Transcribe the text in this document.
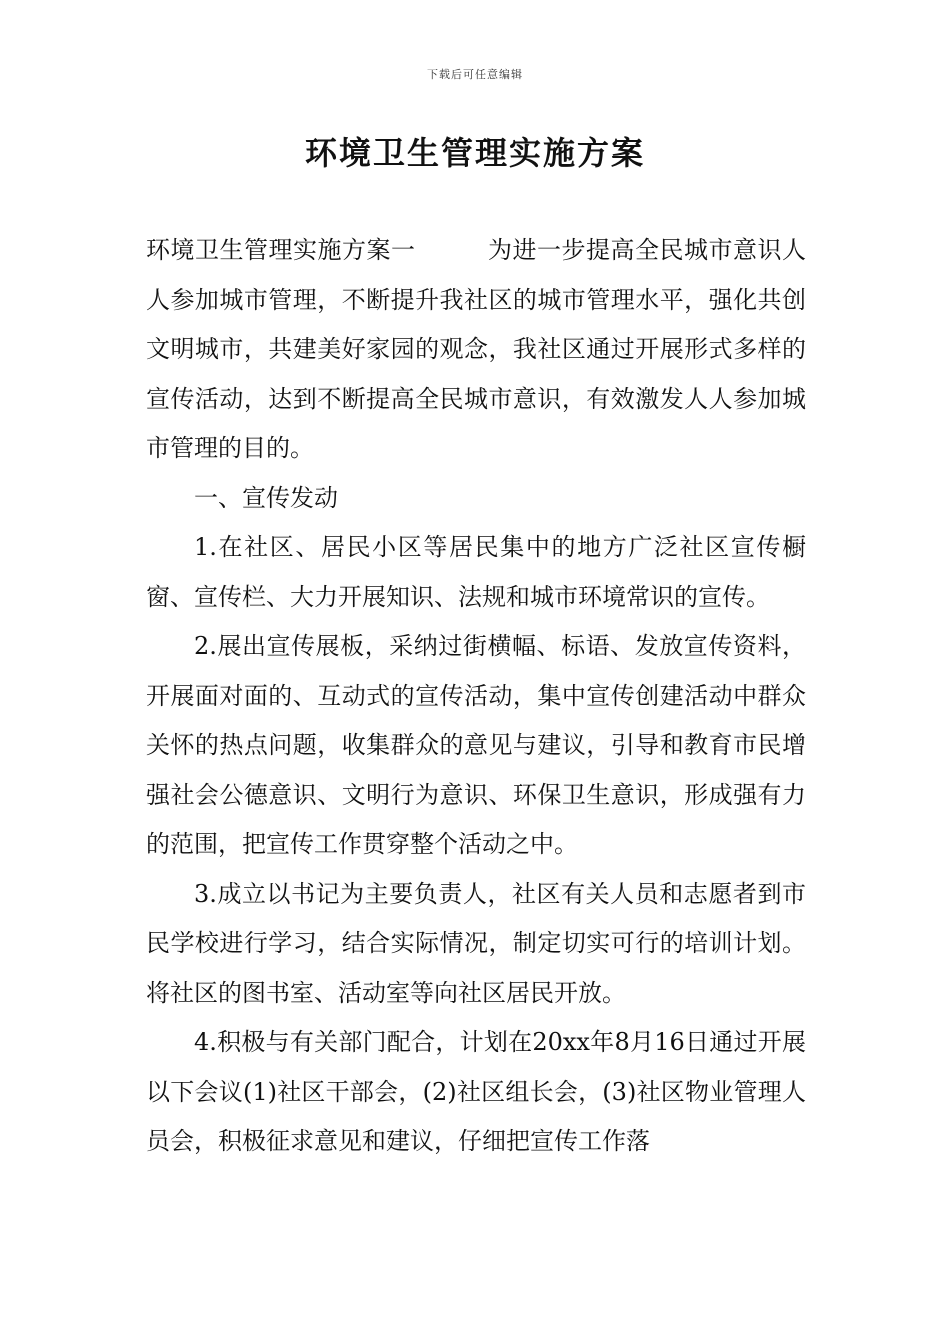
下载后可任意编辑
环境卫生管理实施方案

环境卫生管理实施方案一	为进一步提高全民城市意识人人参加城市管理，不断提升我社区的城市管理水平，强化共创文明城市，共建美好家园的观念，我社区通过开展形式多样的宣传活动，达到不断提高全民城市意识，有效激发人人参加城市管理的目的。

一、宣传发动

1.在社区、居民小区等居民集中的地方广泛社区宣传橱窗、宣传栏、大力开展知识、法规和城市环境常识的宣传。

2.展出宣传展板，采纳过街横幅、标语、发放宣传资料，开展面对面的、互动式的宣传活动，集中宣传创建活动中群众关怀的热点问题，收集群众的意见与建议，引导和教育市民增强社会公德意识、文明行为意识、环保卫生意识，形成强有力的范围，把宣传工作贯穿整个活动之中。

3.成立以书记为主要负责人，社区有关人员和志愿者到市民学校进行学习，结合实际情况，制定切实可行的培训计划。将社区的图书室、活动室等向社区居民开放。

4.积极与有关部门配合，计划在20xx年8月16日通过开展以下会议(1)社区干部会，(2)社区组长会，(3)社区物业管理人员会，积极征求意见和建议，仔细把宣传工作落
